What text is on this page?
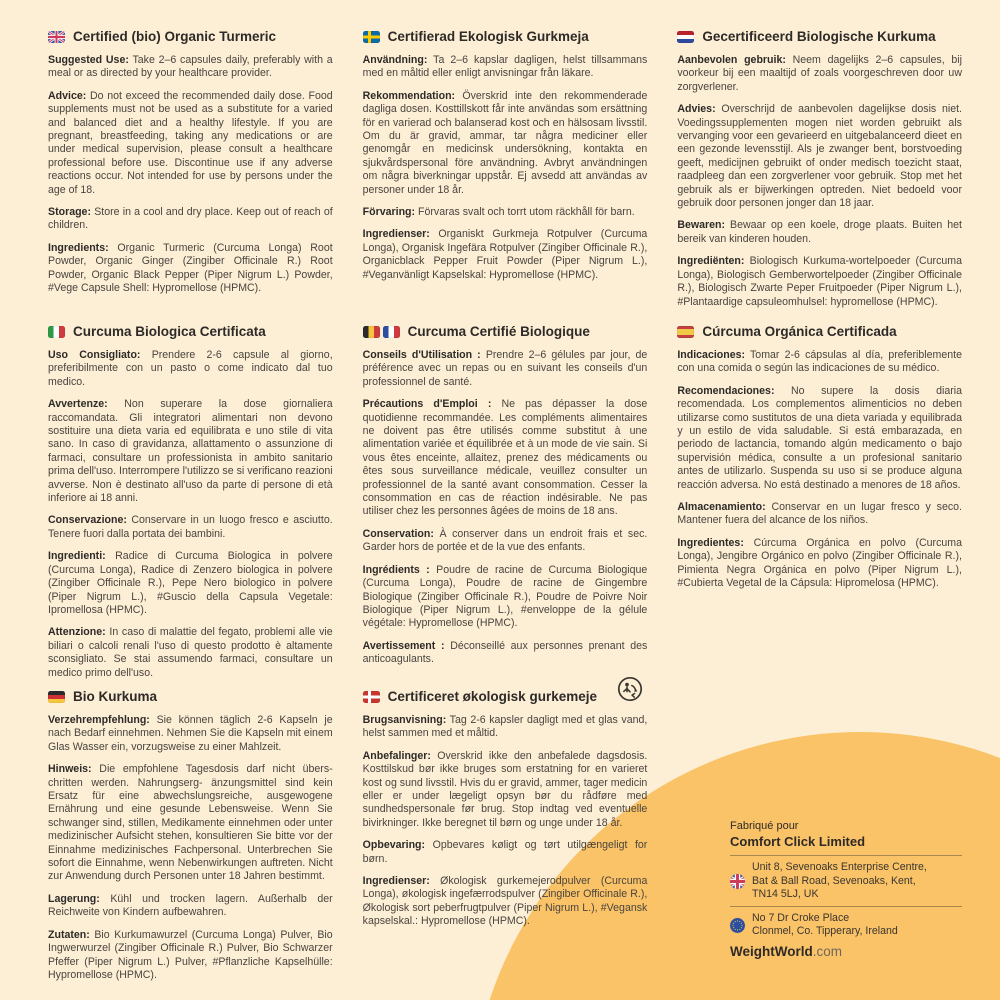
Certified (bio) Organic Turmeric

Suggested Use: Take 2–6 capsules daily, preferably with a meal or as directed by your healthcare provider.

Advice: Do not exceed the recommended daily dose. Food supplements must not be used as a substitute for a varied and balanced diet and a healthy lifestyle. If you are pregnant, breastfeeding, taking any medications or are under medical supervision, please consult a healthcare professional before use. Discontinue use if any adverse reactions occur. Not intended for use by persons under the age of 18.

Storage: Store in a cool and dry place. Keep out of reach of children.

Ingredients: Organic Turmeric (Curcuma Longa) Root Powder, Organic Ginger (Zingiber Officinale R.) Root Powder, Organic Black Pepper (Piper Nigrum L.) Powder, #Vege Capsule Shell: Hypromellose (HPMC).

Certifierad Ekologisk Gurkmeja

Användning: Ta 2–6 kapslar dagligen, helst tillsammans med en måltid eller enligt anvisningar från läkare.

Rekommendation: Överskrid inte den rekommenderade dagliga dosen. Kosttillskott får inte användas som ersättning för en varierad och balanserad kost och en hälsosam livsstil. Om du är gravid, ammar, tar några mediciner eller genomgår en medicinsk undersökning, kontakta en sjukvårdspersonal före användning. Avbryt användningen om några biverkningar uppstår. Ej avsedd att användas av personer under 18 år.

Förvaring: Förvaras svalt och torrt utom räckhåll för barn.

Ingredienser: Organiskt Gurkmeja Rotpulver (Curcuma Longa), Organisk Ingefära Rotpulver (Zingiber Officinale R.), Organicblack Pepper Fruit Powder (Piper Nigrum L.), #Veganvänligt Kapselskal: Hypromellose (HPMC).

Gecertificeerd Biologische Kurkuma

Aanbevolen gebruik: Neem dagelijks 2–6 capsules, bij voorkeur bij een maaltijd of zoals voorgeschreven door uw zorgverlener.

Advies: Overschrijd de aanbevolen dagelijkse dosis niet. Voedingssupplementen mogen niet worden gebruikt als vervanging voor een gevarieerd en uitgebalanceerd dieet en een gezonde levensstijl. Als je zwanger bent, borstvoeding geeft, medicijnen gebruikt of onder medisch toezicht staat, raadpleeg dan een zorgverlener voor gebruik. Stop met het gebruik als er bijwerkingen optreden. Niet bedoeld voor gebruik door personen jonger dan 18 jaar.

Bewaren: Bewaar op een koele, droge plaats. Buiten het bereik van kinderen houden.

Ingrediënten: Biologisch Kurkuma-wortelpoeder (Curcuma Longa), Biologisch Gemberwortelpoeder (Zingiber Officinale R.), Biologisch Zwarte Peper Fruitpoeder (Piper Nigrum L.), #Plantaardige capsuleomhulsel: hypromellose (HPMC).

Curcuma Biologica Certificata

Uso Consigliato: Prendere 2-6 capsule al giorno, preferibilmente con un pasto o come indicato dal tuo medico.

Avvertenze: Non superare la dose giornaliera raccomandata. Gli integratori alimentari non devono sostituire una dieta varia ed equilibrata e uno stile di vita sano. In caso di gravidanza, allattamento o assunzione di farmaci, consultare un professionista in ambito sanitario prima dell'uso. Interrompere l'utilizzo se si verificano reazioni avverse. Non è destinato all'uso da parte di persone di età inferiore ai 18 anni.

Conservazione: Conservare in un luogo fresco e asciutto. Tenere fuori dalla portata dei bambini.

Ingredienti: Radice di Curcuma Biologica in polvere (Curcuma Longa), Radice di Zenzero biologica in polvere (Zingiber Officinale R.), Pepe Nero biologico in polvere (Piper Nigrum L.), #Guscio della Capsula Vegetale: Ipromellosa (HPMC).

Attenzione: In caso di malattie del fegato, problemi alle vie biliari o calcoli renali l'uso di questo prodotto è altamente sconsigliato. Se stai assumendo farmaci, consultare un medico primo dell'uso.

Curcuma Certifié Biologique

Conseils d'Utilisation : Prendre 2–6 gélules par jour, de préférence avec un repas ou en suivant les conseils d'un professionnel de santé.

Précautions d'Emploi : Ne pas dépasser la dose quotidienne recommandée. Les compléments alimentaires ne doivent pas être utilisés comme substitut à une alimentation variée et équilibrée et à un mode de vie sain. Si vous êtes enceinte, allaitez, prenez des médicaments ou êtes sous surveillance médicale, veuillez consulter un professionnel de la santé avant consommation. Cesser la consommation en cas de réaction indésirable. Ne pas utiliser chez les personnes âgées de moins de 18 ans.

Conservation: À conserver dans un endroit frais et sec. Garder hors de portée et de la vue des enfants.

Ingrédients : Poudre de racine de Curcuma Biologique (Curcuma Longa), Poudre de racine de Gingembre Biologique (Zingiber Officinale R.), Poudre de Poivre Noir Biologique (Piper Nigrum L.), #enveloppe de la gélule végétale: Hypromellose (HPMC).

Avertissement : Déconseillé aux personnes prenant des anticoagulants.

Cúrcuma Orgánica Certificada

Indicaciones: Tomar 2-6 cápsulas al día, preferiblemente con una comida o según las indicaciones de su médico.

Recomendaciones: No supere la dosis diaria recomendada. Los complementos alimenticios no deben utilizarse como sustitutos de una dieta variada y equilibrada y un estilo de vida saludable. Si está embarazada, en periodo de lactancia, tomando algún medicamento o bajo supervisión médica, consulte a un profesional sanitario antes de utilizarlo. Suspenda su uso si se produce alguna reacción adversa. No está destinado a menores de 18 años.

Almacenamiento: Conservar en un lugar fresco y seco. Mantener fuera del alcance de los niños.

Ingredientes: Cúrcuma Orgánica en polvo (Curcuma Longa), Jengibre Orgánico en polvo (Zingiber Officinale R.), Pimienta Negra Orgánica en polvo (Piper Nigrum L.), #Cubierta Vegetal de la Cápsula: Hipromelosa (HPMC).

Bio Kurkuma

Verzehrempfehlung: Sie können täglich 2-6 Kapseln je nach Bedarf einnehmen. Nehmen Sie die Kapseln mit einem Glas Wasser ein, vorzugsweise zu einer Mahlzeit.

Hinweis: Die empfohlene Tagesdosis darf nicht übers- chritten werden. Nahrungserg- änzungsmittel sind kein Ersatz für eine abwechslungsreiche, ausgewogene Ernährung und eine gesunde Lebensweise. Wenn Sie schwanger sind, stillen, Medikamente einnehmen oder unter medizinischer Aufsicht stehen, konsultieren Sie bitte vor der Einnahme medizinisches Fachpersonal. Unterbrechen Sie sofort die Einnahme, wenn Nebenwirkungen auftreten. Nicht zur Anwendung durch Personen unter 18 Jahren bestimmt.

Lagerung: Kühl und trocken lagern. Außerhalb der Reichweite von Kindern aufbewahren.

Zutaten: Bio Kurkumawurzel (Curcuma Longa) Pulver, Bio Ingwerwurzel (Zingiber Officinale R.) Pulver, Bio Schwarzer Pfeffer (Piper Nigrum L.) Pulver, #Pflanzliche Kapselhülle: Hypromellose (HPMC).

Certificeret økologisk gurkemeje

Brugsanvisning: Tag 2-6 kapsler dagligt med et glas vand, helst sammen med et måltid.

Anbefalinger: Overskrid ikke den anbefalede dagsdosis. Kosttilskud bør ikke bruges som erstatning for en varieret kost og sund livsstil. Hvis du er gravid, ammer, tager medicin eller er under lægeligt opsyn bør du rådføre med sundhedspersonale før brug. Stop indtag ved eventuelle bivirkninger. Ikke beregnet til børn og unge under 18 år.

Opbevaring: Opbevares køligt og tørt utilgængeligt for børn.

Ingredienser: Økologisk gurkemejerodpulver (Curcuma Longa), økologisk ingefærrodspulver (Zingiber Officinale R.), Økologisk sort peberfrugtpulver (Piper Nigrum L.), #Vegansk kapselskal.: Hypromellose (HPMC).

Fabriqué pour
Comfort Click Limited
Unit 8, Sevenoaks Enterprise Centre,
Bat & Ball Road, Sevenoaks, Kent,
TN14 5LJ, UK
No 7 Dr Croke Place
Clonmel, Co. Tipperary, Ireland
WeightWorld.com
